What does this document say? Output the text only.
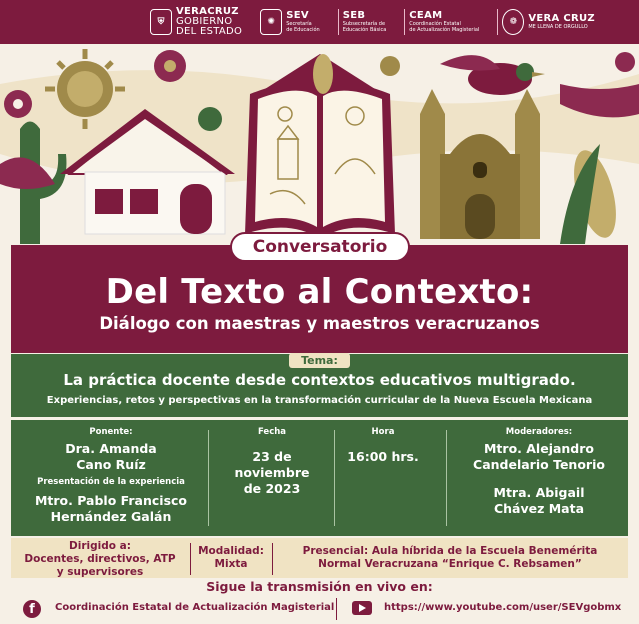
⛨
VERACRUZ
GOBIERNO
DEL ESTADO
✺
SEV
Secretaría
de Educación
SEB
Subsecretaría de
Educación Básica
CEAM
Coordinación Estatal
de Actualización Magisterial
❁	VERA CRUZ
ME LLENA DE ORGULLO
Conversatorio
Del Texto al Contexto:
Diálogo con maestras y maestros veracruzanos
Tema:
La práctica docente desde contextos educativos multigrado.
Experiencias, retos y perspectivas en la transformación curricular de la Nueva Escuela Mexicana
Ponente:
Dra. Amanda
Cano Ruíz
Presentación de la experiencia
Mtro. Pablo Francisco
Hernández Galán
Fecha
23 de
noviembre
de 2023
Hora
16:00 hrs.
Moderadores:
Mtro. Alejandro
Candelario Tenorio
Mtra. Abigail
Chávez Mata
Dirigido a:
Docentes, directivos, ATP
y supervisores
Modalidad:
Mixta
Presencial: Aula híbrida de la Escuela Benemérita
Normal Veracruzana “Enrique C. Rebsamen”
Sigue la transmisión en vivo en:
f	Coordinación Estatal de Actualización Magisterial	https://www.youtube.com/user/SEVgobmx
